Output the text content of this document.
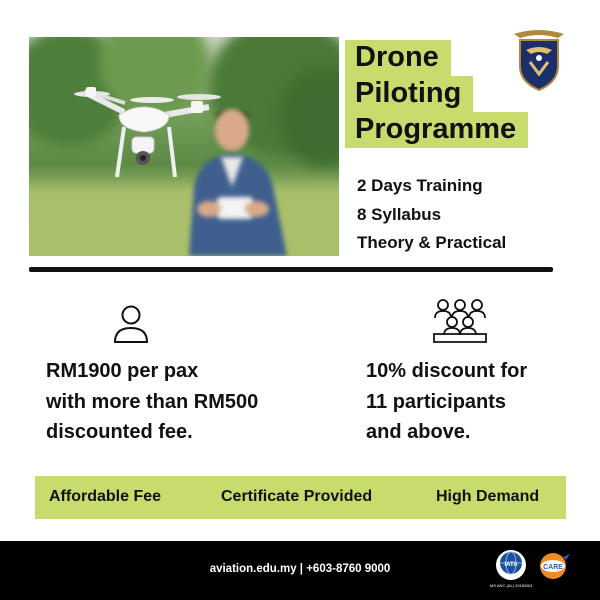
Drone
Piloting
Programme
2 Days Training
8 Syllabus
Theory & Practical
RM1900 per pax
with more than RM500
discounted fee.
10% discount for
11 participants
and above.
Affordable Fee	Certificate Provided	High Demand
aviation.edu.my | +603-8760 9000	IATA
MS ANC (AL) 2018/05/1
CARE
